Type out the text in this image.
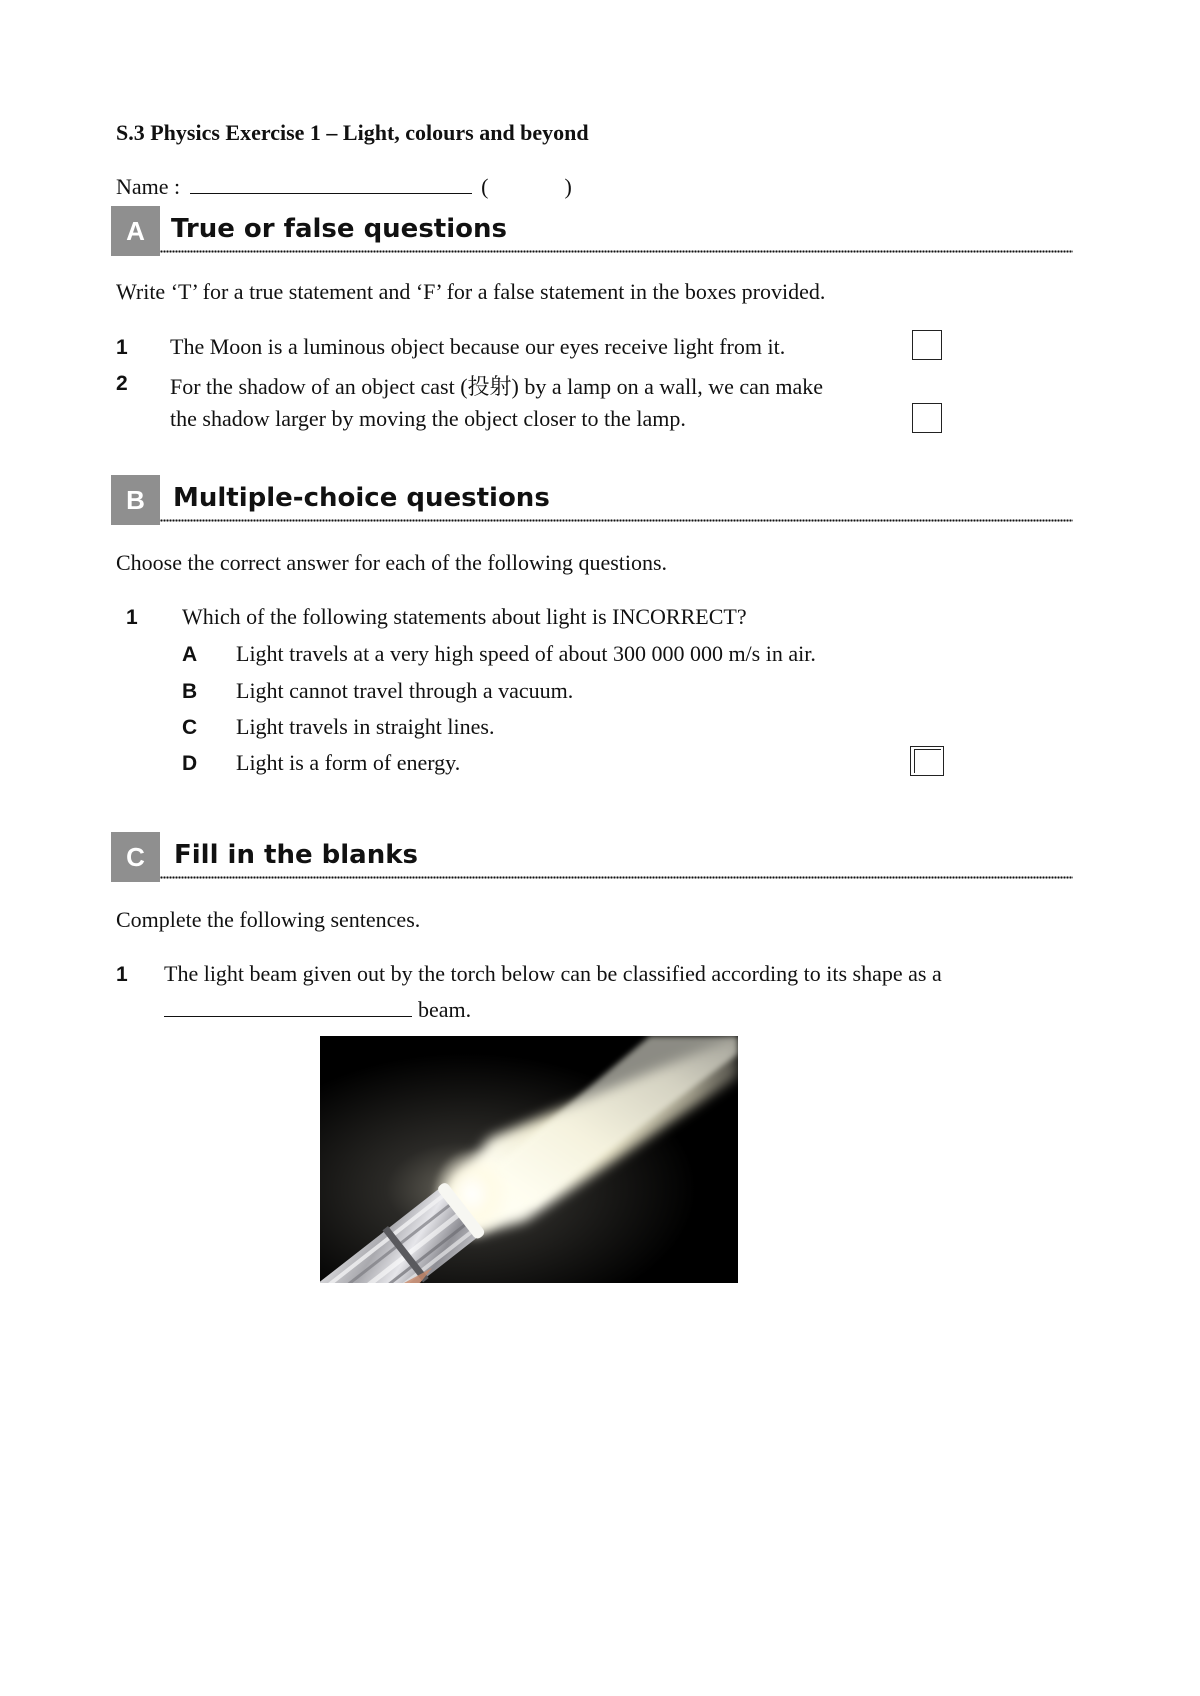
S.3 Physics Exercise 1 – Light, colours and beyond
Name :	(	)
A	True or false questions
Write ‘T’ for a true statement and ‘F’ for a false statement in the boxes provided.
1 The Moon is a luminous object because our eyes receive light from it.
2 For the shadow of an object cast (投射) by a lamp on a wall, we can make
the shadow larger by moving the object closer to the lamp.
B	Multiple-choice questions
Choose the correct answer for each of the following questions.
1 Which of the following statements about light is INCORRECT?
A Light travels at a very high speed of about 300 000 000 m/s in air.
B Light cannot travel through a vacuum.
C Light travels in straight lines.
D Light is a form of energy.
C	Fill in the blanks
Complete the following sentences.
1 The light beam given out by the torch below can be classified according to its shape as a
beam.
